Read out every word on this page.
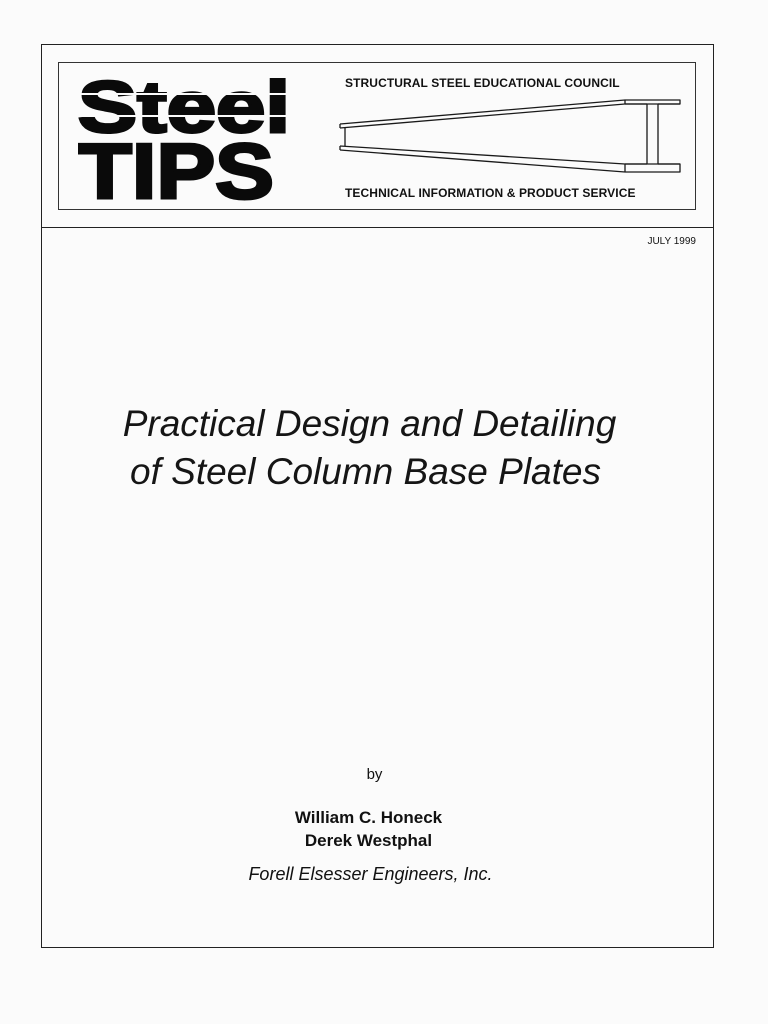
Steel
TIPS
STRUCTURAL STEEL EDUCATIONAL COUNCIL
TECHNICAL INFORMATION & PRODUCT SERVICE
JULY 1999
Practical Design and Detailing
of Steel Column Base Plates
by
William C. Honeck
Derek Westphal
Forell Elsesser Engineers, Inc.
